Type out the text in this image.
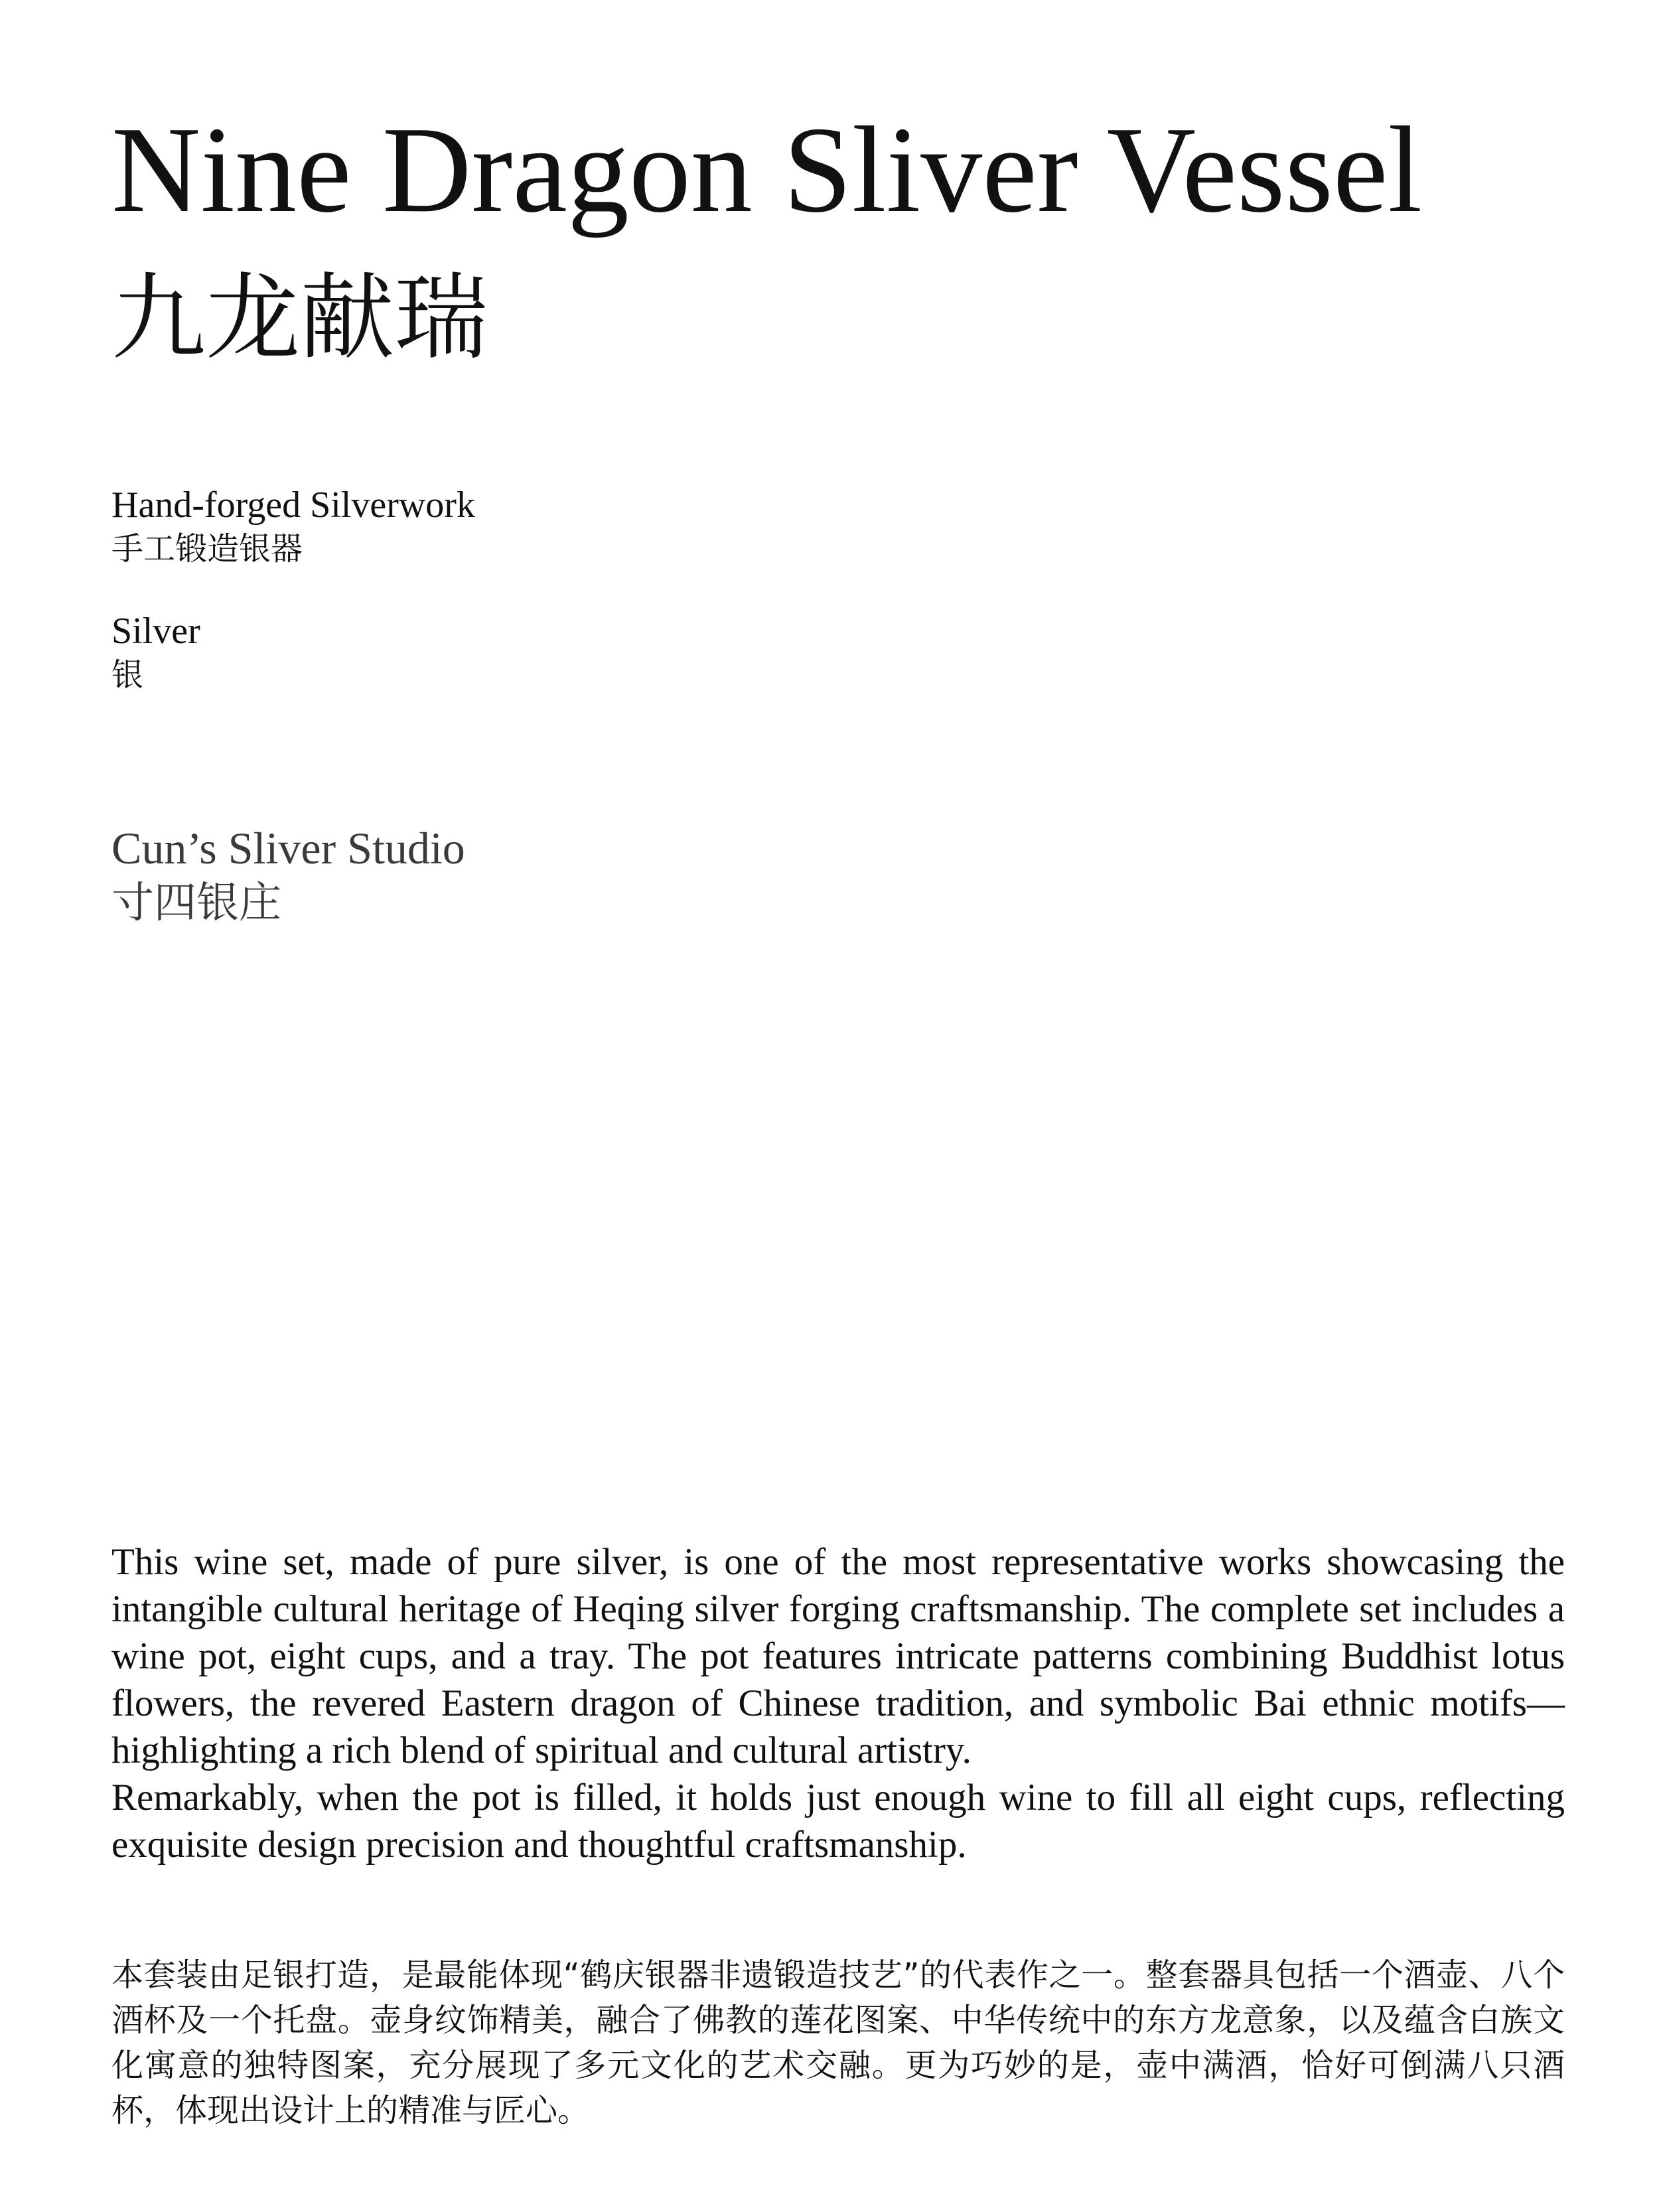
Nine Dragon Sliver Vessel
九龙献瑞
Hand-forged Silverwork
手工锻造银器
Silver
银
Cun’s Sliver Studio
寸四银庄

This wine set, made of pure silver, is one of the most representative works showcasing the intangible cultural heritage of Heqing silver forging craftsmanship. The complete set includes a wine pot, eight cups, and a tray. The pot features intricate patterns combining Buddhist lotus flowers, the revered Eastern dragon of Chinese tradition, and symbolic Bai ethnic motifs—highlighting a rich blend of spiritual and cultural artistry.

Remarkably, when the pot is filled, it holds just enough wine to fill all eight cups, reflecting exquisite design precision and thoughtful craftsmanship.

本套装由足银打造，是最能体现“鹤庆银器非遗锻造技艺”的代表作之一。整套器具包括一个酒壶、八个酒杯及一个托盘。壶身纹饰精美，融合了佛教的莲花图案、中华传统中的东方龙意象，以及蕴含白族文化寓意的独特图案，充分展现了多元文化的艺术交融。更为巧妙的是，壶中满酒，恰好可倒满八只酒杯，体现出设计上的精准与匠心。
